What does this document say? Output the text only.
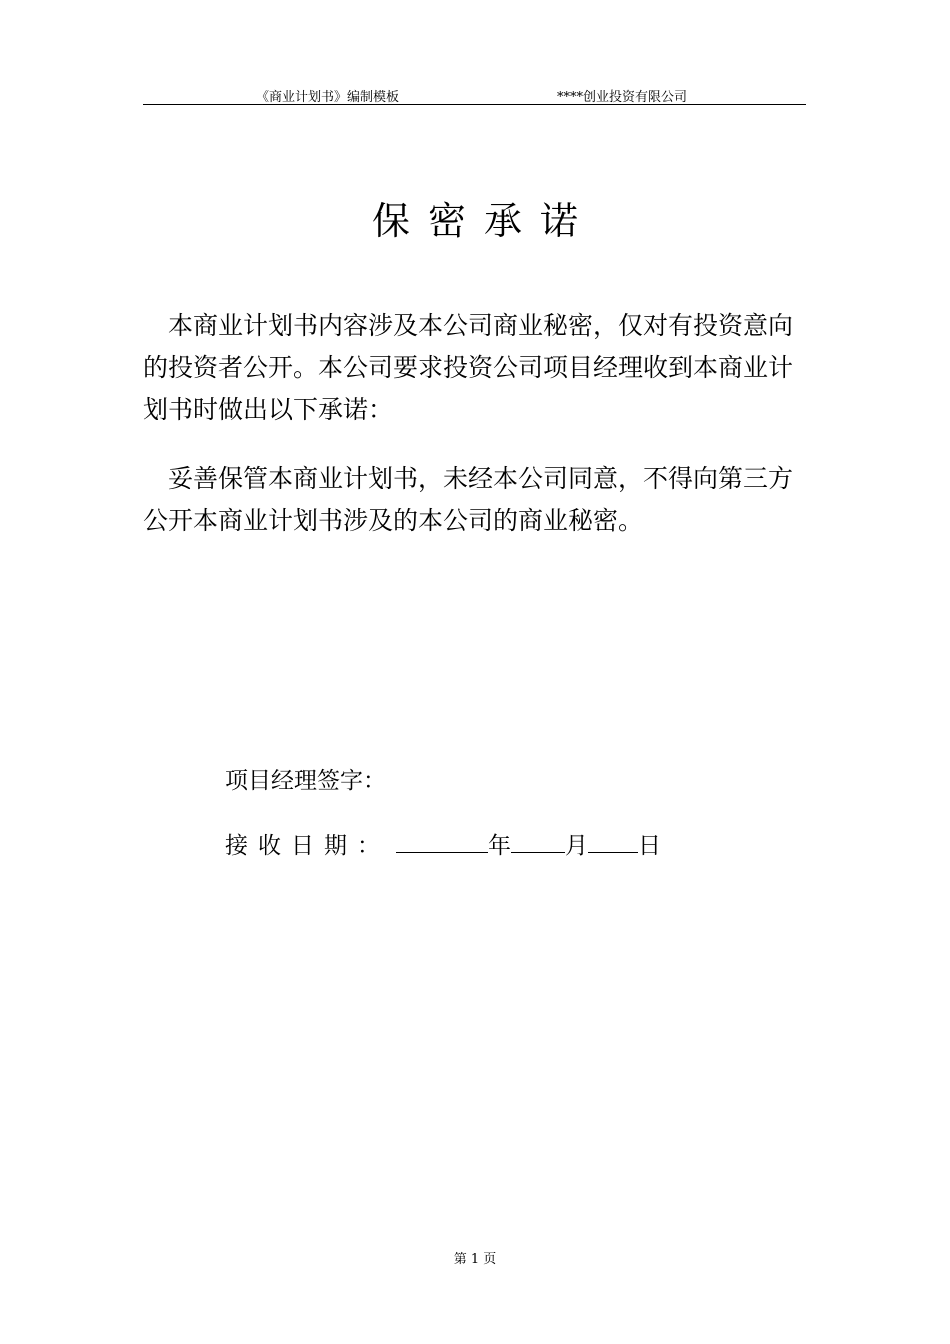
《商业计划书》编制模板	****创业投资有限公司
保密承诺

本商业计划书内容涉及本公司商业秘密，仅对有投资意向的投资者公开。本公司要求投资公司项目经理收到本商业计划书时做出以下承诺：

妥善保管本商业计划书，未经本公司同意，不得向第三方公开本商业计划书涉及的本公司的商业秘密。

项目经理签字：
接收日期：	年 月 日
第 1 页
